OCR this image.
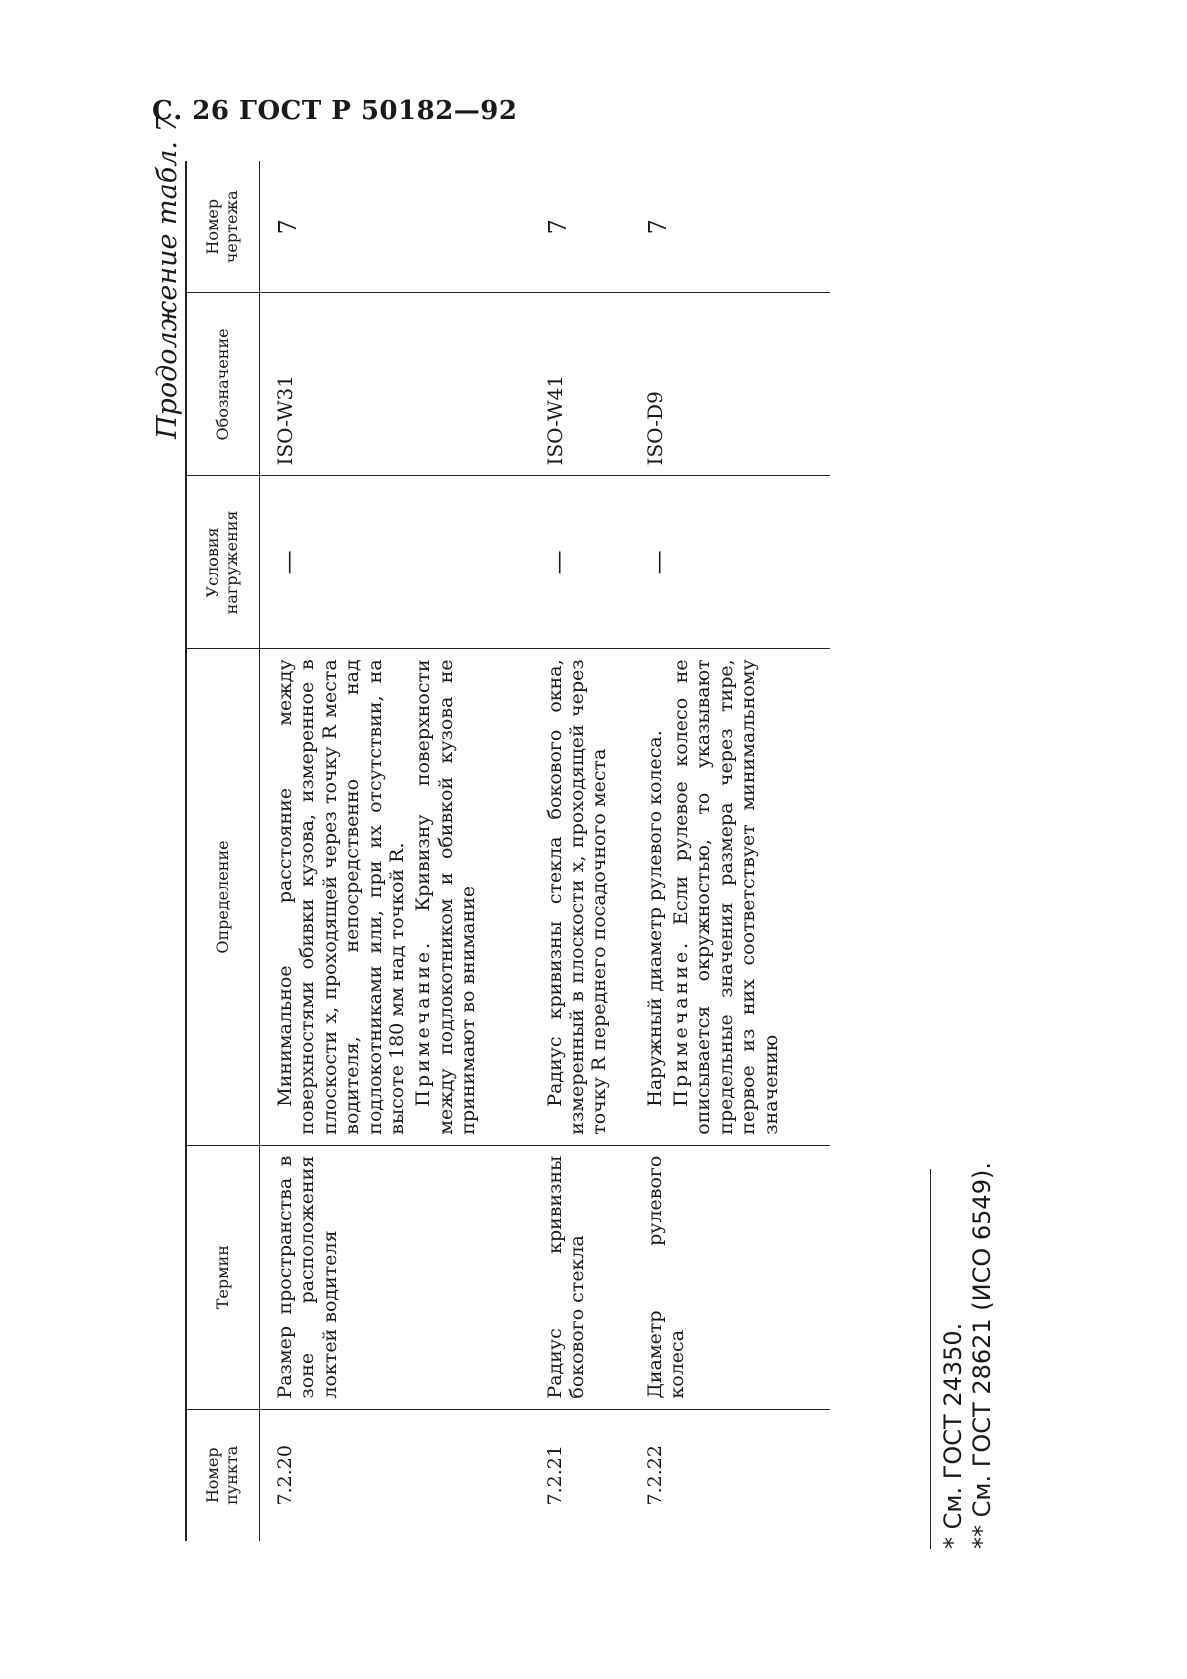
С. 26 ГОСТ Р 50182—92
Продолжение табл. 7
Номер пункта	Термин	Определение	Условия нагружения	Обозначение	Номер чертежа
7.2.20	Размер пространства в зоне расположения локтей водителя	Минимальное расстояние между поверхностями обивки кузова, измеренное в плоскости x, проходящей через точку R места водителя, непосредственно над подлокотниками или, при их отсутствии, на высоте 180 мм над точкой R. Примечание. Кривизну поверхности между подлокотником и обивкой кузова не принимают во внимание	—	ISO-W31	7
7.2.21	Радиус кривизны бокового стекла	Радиус кривизны стекла бокового окна, измеренный в плоскости x, проходящей через точку R переднего посадочного места	—	ISO-W41	7
7.2.22	Диаметр рулевого колеса	Наружный диаметр рулевого колеса. Примечание. Если рулевое колесо не описывается окружностью, то указывают предельные значения размера через тире, первое из них соответствует минимальному значению	—	ISO-D9	7
* См. ГОСТ 24350. ** См. ГОСТ 28621 (ИСО 6549).
